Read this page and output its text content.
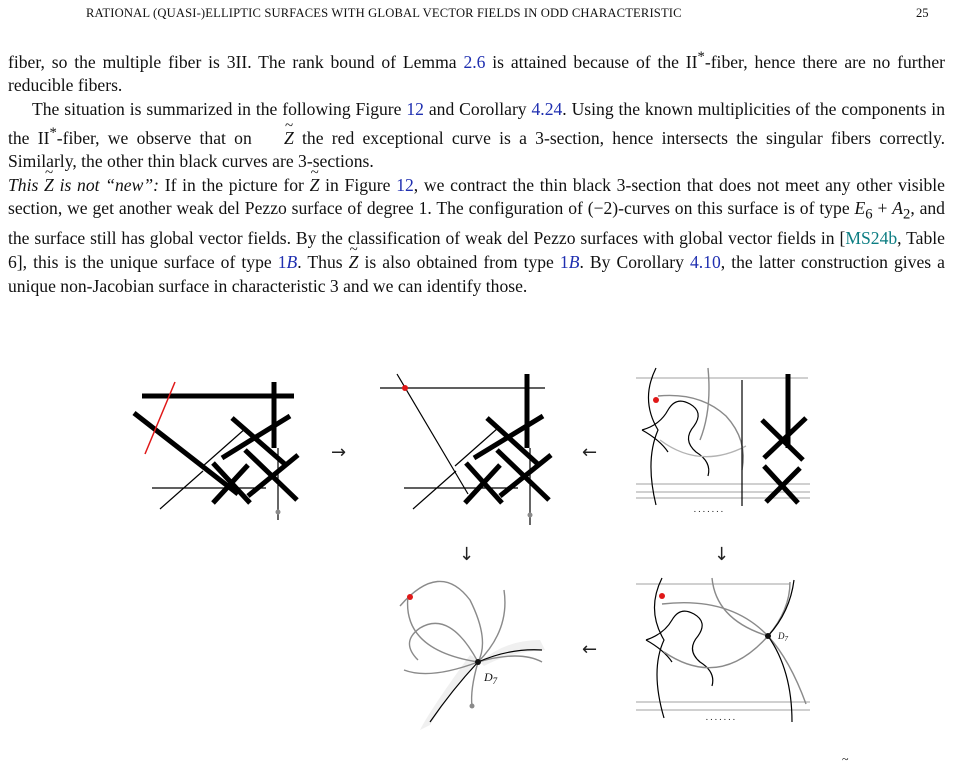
RATIONAL (QUASI-)ELLIPTIC SURFACES WITH GLOBAL VECTOR FIELDS IN ODD CHARACTERISTIC	25

fiber, so the multiple fiber is 3II. The rank bound of Lemma 2.6 is attained because of the II*-fiber, hence there are no further reducible fibers.

The situation is summarized in the following Figure 12 and Corollary 4.24. Using the known multiplicities of the components in the II*-fiber, we observe that on ~ Z the red exceptional curve is a 3-section, hence intersects the singular fibers correctly. Similarly, the other thin black curves are 3-sections.

This ~ Z is not “new”: If in the picture for ~ Z in Figure 12, we contract the thin black 3-section that does not meet any other visible section, we get another weak del Pezzo surface of degree 1. The configuration of (−2)-curves on this surface is of type $E_6 + A_2$, and the surface still has global vector fields. By the classification of weak del Pezzo surfaces with global vector fields in [MS24b, Table 6], this is the unique surface of type 1B. Thus ~ Z is also obtained from type 1B. By Corollary 4.10, the latter construction gives a unique non-Jacobian surface in characteristic 3 and we can identify those.

. . . . . . .
$D_7$
$D_7$
. . . . . . .
→	←
↓	↓
←
~
